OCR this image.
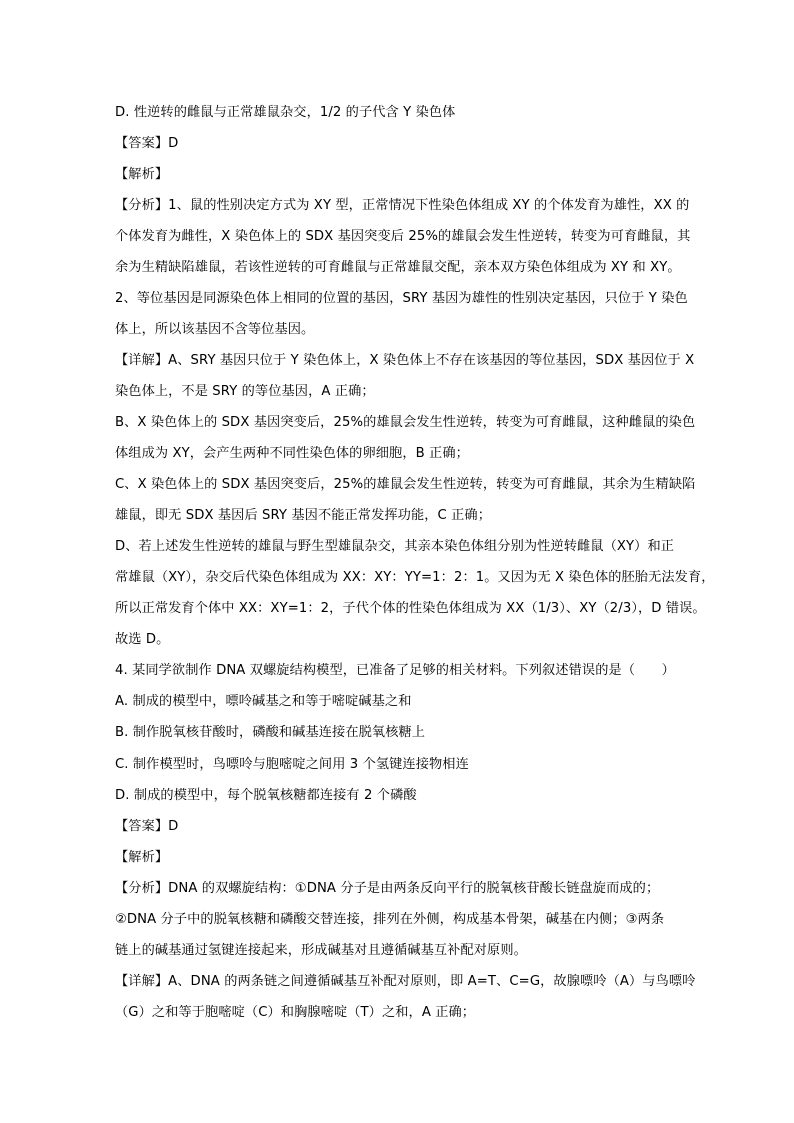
D. 性逆转的雌鼠与正常雄鼠杂交，1/2 的子代含 Y 染色体
【答案】D
【解析】
【分析】1、鼠的性别决定方式为 XY 型，正常情况下性染色体组成 XY 的个体发育为雄性，XX 的
个体发育为雌性，X 染色体上的 SDX 基因突变后 25%的雄鼠会发生性逆转，转变为可育雌鼠，其
余为生精缺陷雄鼠，若该性逆转的可育雌鼠与正常雄鼠交配，亲本双方染色体组成为 XY 和 XY。
2、等位基因是同源染色体上相同的位置的基因，SRY 基因为雄性的性别决定基因，只位于 Y 染色
体上，所以该基因不含等位基因。
【详解】A、SRY 基因只位于 Y 染色体上，X 染色体上不存在该基因的等位基因，SDX 基因位于 X
染色体上，不是 SRY 的等位基因，A 正确；
B、X 染色体上的 SDX 基因突变后，25%的雄鼠会发生性逆转，转变为可育雌鼠，这种雌鼠的染色
体组成为 XY，会产生两种不同性染色体的卵细胞，B 正确；
C、X 染色体上的 SDX 基因突变后，25%的雄鼠会发生性逆转，转变为可育雌鼠，其余为生精缺陷
雄鼠，即无 SDX 基因后 SRY 基因不能正常发挥功能，C 正确；
D、若上述发生性逆转的雄鼠与野生型雄鼠杂交，其亲本染色体组分别为性逆转雌鼠（XY）和正
常雄鼠（XY），杂交后代染色体组成为 XX：XY：YY=1：2：1。又因为无 X 染色体的胚胎无法发育，
所以正常发育个体中 XX：XY=1：2，子代个体的性染色体组成为 XX（1/3）、XY（2/3），D 错误。
故选 D。
4. 某同学欲制作 DNA 双螺旋结构模型，已准备了足够的相关材料。下列叙述错误的是（　　）
A. 制成的模型中，嘌呤碱基之和等于嘧啶碱基之和
B. 制作脱氧核苷酸时，磷酸和碱基连接在脱氧核糖上
C. 制作模型时，鸟嘌呤与胞嘧啶之间用 3 个氢键连接物相连
D. 制成的模型中，每个脱氧核糖都连接有 2 个磷酸
【答案】D
【解析】
【分析】DNA 的双螺旋结构：①DNA 分子是由两条反向平行的脱氧核苷酸长链盘旋而成的；
②DNA 分子中的脱氧核糖和磷酸交替连接，排列在外侧，构成基本骨架，碱基在内侧；③两条
链上的碱基通过氢键连接起来，形成碱基对且遵循碱基互补配对原则。
【详解】A、DNA 的两条链之间遵循碱基互补配对原则，即 A=T、C=G，故腺嘌呤（A）与鸟嘌呤
（G）之和等于胞嘧啶（C）和胸腺嘧啶（T）之和，A 正确；
